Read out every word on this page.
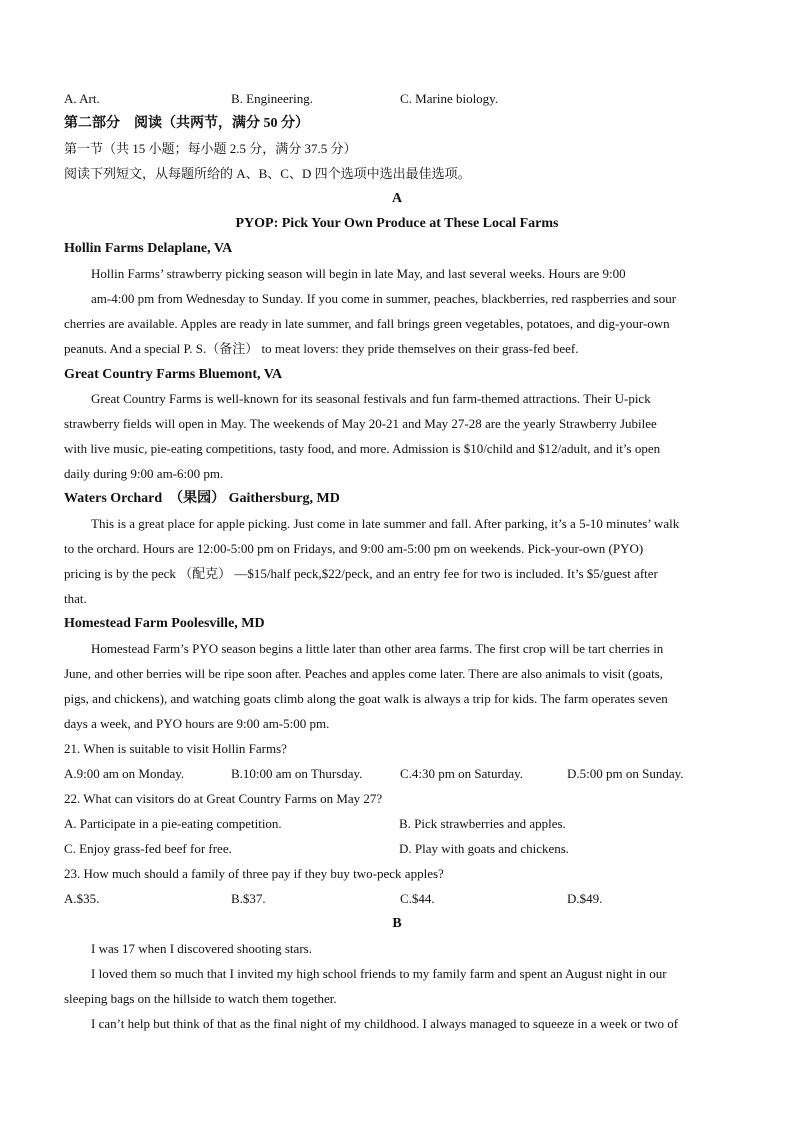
A. Art.	B. Engineering.	C. Marine biology.
第二部分　阅读（共两节，满分 50 分）
第一节（共 15 小题；每小题 2.5 分，满分 37.5 分）
阅读下列短文，从每题所给的 A、B、C、D 四个选项中选出最佳选项。
A
PYOP: Pick Your Own Produce at These Local Farms
Hollin Farms Delaplane, VA
Hollin Farms’ strawberry picking season will begin in late May, and last several weeks. Hours are 9:00
am-4:00 pm from Wednesday to Sunday. If you come in summer, peaches, blackberries, red raspberries and sour
cherries are available. Apples are ready in late summer, and fall brings green vegetables, potatoes, and dig-your-own
peanuts. And a special P. S.（备注） to meat lovers: they pride themselves on their grass-fed beef.
Great Country Farms Bluemont, VA
Great Country Farms is well-known for its seasonal festivals and fun farm-themed attractions. Their U-pick
strawberry fields will open in May. The weekends of May 20-21 and May 27-28 are the yearly Strawberry Jubilee
with live music, pie-eating competitions, tasty food, and more. Admission is $10/child and $12/adult, and it’s open
daily during 9:00 am-6:00 pm.
Waters Orchard　（果园） Gaithersburg, MD
This is a great place for apple picking. Just come in late summer and fall. After parking, it’s a 5-10 minutes’ walk
to the orchard. Hours are 12:00-5:00 pm on Fridays, and 9:00 am-5:00 pm on weekends. Pick-your-own (PYO)
pricing is by the peck （配克） —$15/half peck,$22/peck, and an entry fee for two is included. It’s $5/guest after
that.
Homestead Farm Poolesville, MD
Homestead Farm’s PYO season begins a little later than other area farms. The first crop will be tart cherries in
June, and other berries will be ripe soon after. Peaches and apples come later. There are also animals to visit (goats,
pigs, and chickens), and watching goats climb along the goat walk is always a trip for kids. The farm operates seven
days a week, and PYO hours are 9:00 am-5:00 pm.
21. When is suitable to visit Hollin Farms?
A.9:00 am on Monday.	B.10:00 am on Thursday.	C.4:30 pm on Saturday.	D.5:00 pm on Sunday.
22. What can visitors do at Great Country Farms on May 27?
A. Participate in a pie-eating competition.	B. Pick strawberries and apples.
C. Enjoy grass-fed beef for free.	D. Play with goats and chickens.
23. How much should a family of three pay if they buy two-peck apples?
A.$35.	B.$37.	C.$44.	D.$49.
B
I was 17 when I discovered shooting stars.
I loved them so much that I invited my high school friends to my family farm and spent an August night in our
sleeping bags on the hillside to watch them together.
I can’t help but think of that as the final night of my childhood. I always managed to squeeze in a week or two of
